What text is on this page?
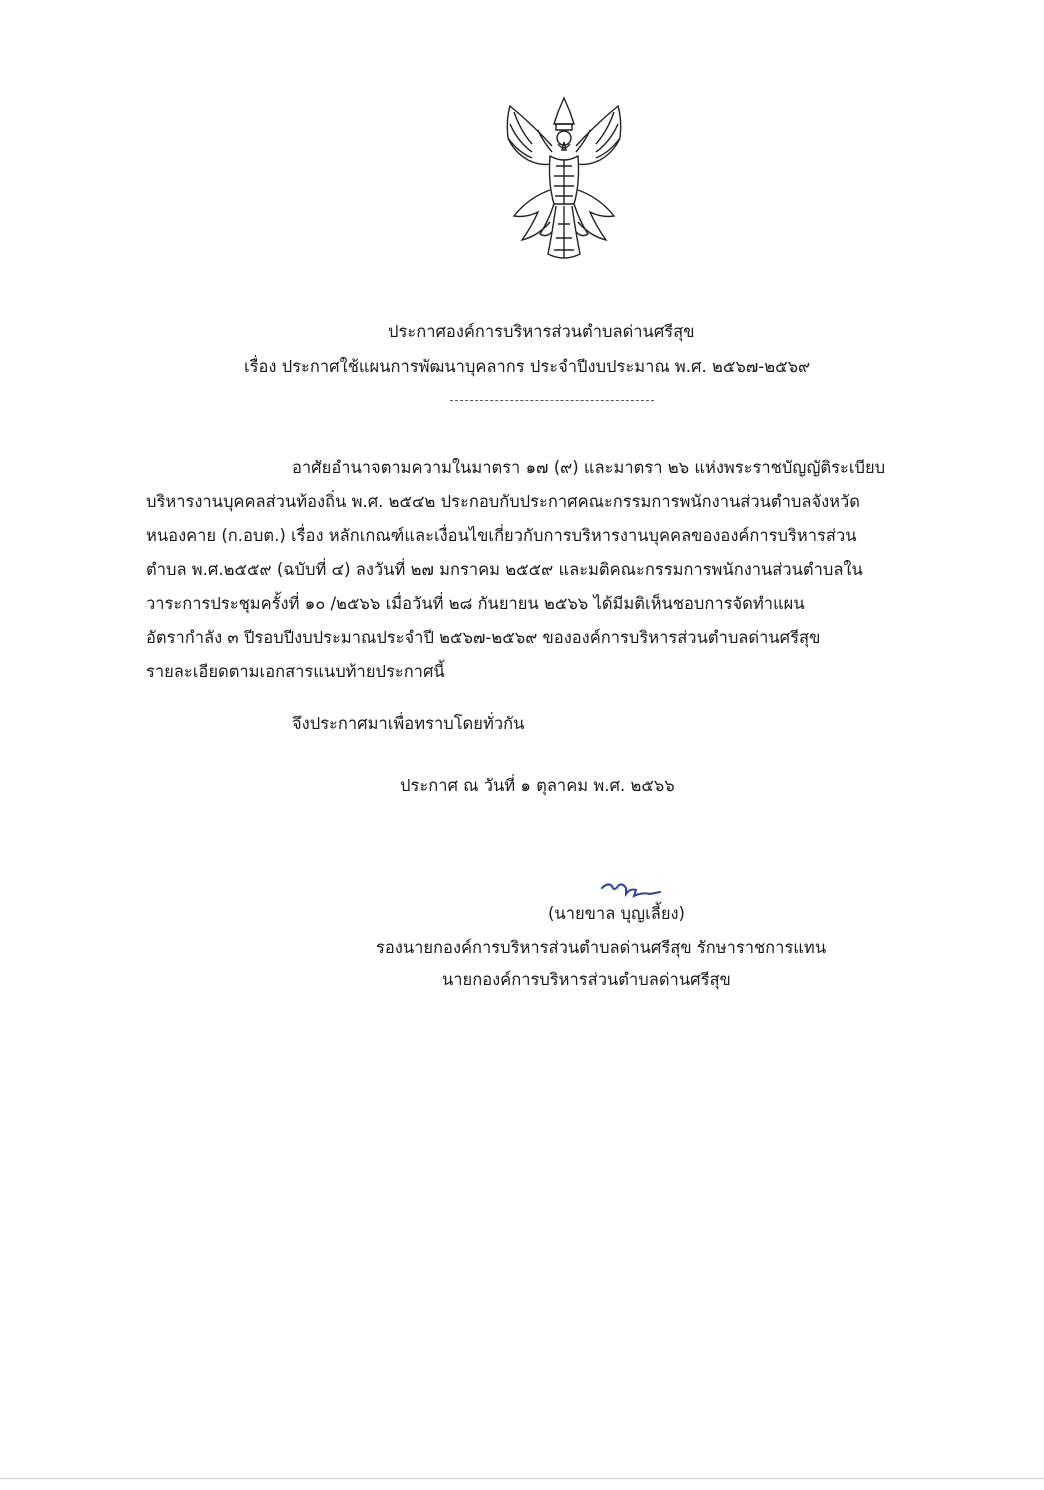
ประกาศองค์การบริหารส่วนตำบลด่านศรีสุข
เรื่อง ประกาศใช้แผนการพัฒนาบุคลากร ประจำปีงบประมาณ พ.ศ. ๒๕๖๗-๒๕๖๙
อาศัยอำนาจตามความในมาตรา ๑๗ (๙) และมาตรา ๒๖ แห่งพระราชบัญญัติระเบียบ
บริหารงานบุคคลส่วนท้องถิ่น พ.ศ. ๒๕๔๒ ประกอบกับประกาศคณะกรรมการพนักงานส่วนตำบลจังหวัด
หนองคาย (ก.อบต.) เรื่อง หลักเกณฑ์และเงื่อนไขเกี่ยวกับการบริหารงานบุคคลขององค์การบริหารส่วน
ตำบล พ.ศ.๒๕๕๙ (ฉบับที่ ๔) ลงวันที่ ๒๗ มกราคม ๒๕๕๙ และมติคณะกรรมการพนักงานส่วนตำบลใน
วาระการประชุมครั้งที่ ๑๐ /๒๕๖๖ เมื่อวันที่ ๒๘ กันยายน ๒๕๖๖ ได้มีมติเห็นชอบการจัดทำแผน
อัตรากำลัง ๓ ปีรอบปีงบประมาณประจำปี ๒๕๖๗-๒๕๖๙ ขององค์การบริหารส่วนตำบลด่านศรีสุข
รายละเอียดตามเอกสารแนบท้ายประกาศนี้
จึงประกาศมาเพื่อทราบโดยทั่วกัน
ประกาศ ณ วันที่ ๑ ตุลาคม พ.ศ. ๒๕๖๖
(นายขาล บุญเลี้ยง)
รองนายกองค์การบริหารส่วนตำบลด่านศรีสุข รักษาราชการแทน
นายกองค์การบริหารส่วนตำบลด่านศรีสุข
